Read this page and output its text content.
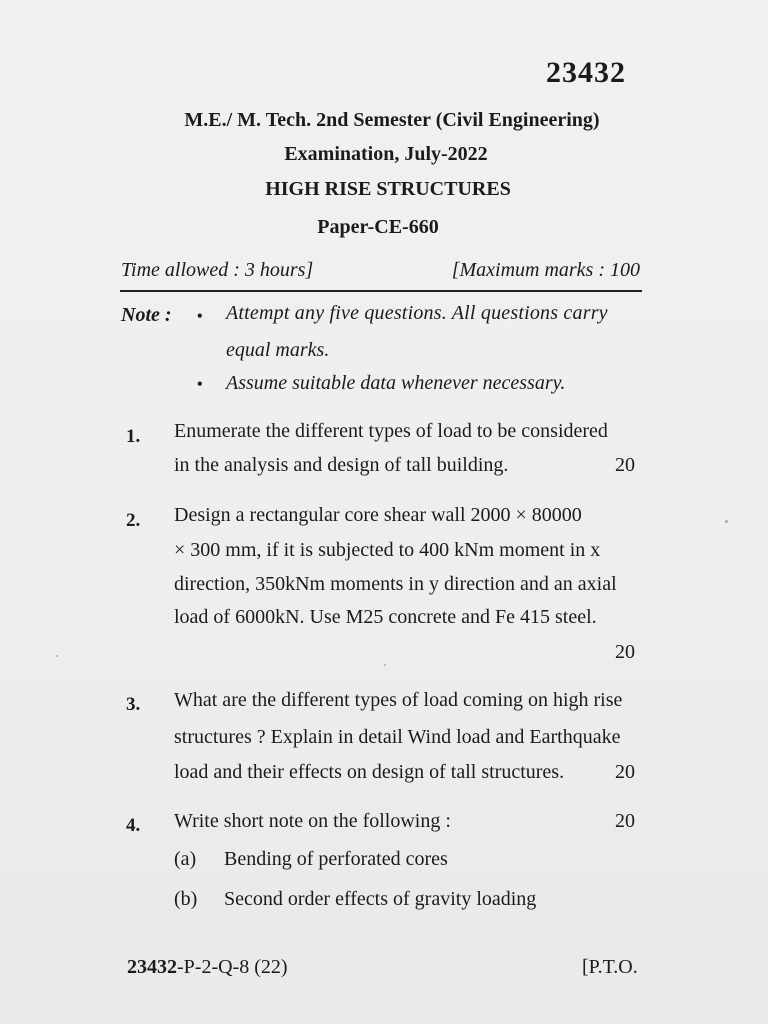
23432
M.E./ M. Tech. 2nd Semester (Civil Engineering)
Examination, July-2022
HIGH RISE STRUCTURES
Paper-CE-660
Time allowed : 3 hours]	[Maximum marks : 100
Note : • Attempt any five questions. All questions carry
equal marks.
• Assume suitable data whenever necessary.
1. Enumerate the different types of load to be considered
in the analysis and design of tall building.	20
2. Design a rectangular core shear wall 2000 × 80000
× 300 mm, if it is subjected to 400 kNm moment in x
direction, 350kNm moments in y direction and an axial
load of 6000kN. Use M25 concrete and Fe 415 steel.
20
3. What are the different types of load coming on high rise
structures ? Explain in detail Wind load and Earthquake
load and their effects on design of tall structures.	20
4. Write short note on the following :	20
(a) Bending of perforated cores
(b) Second order effects of gravity loading
23432-P-2-Q-8 (22)	[P.T.O.
